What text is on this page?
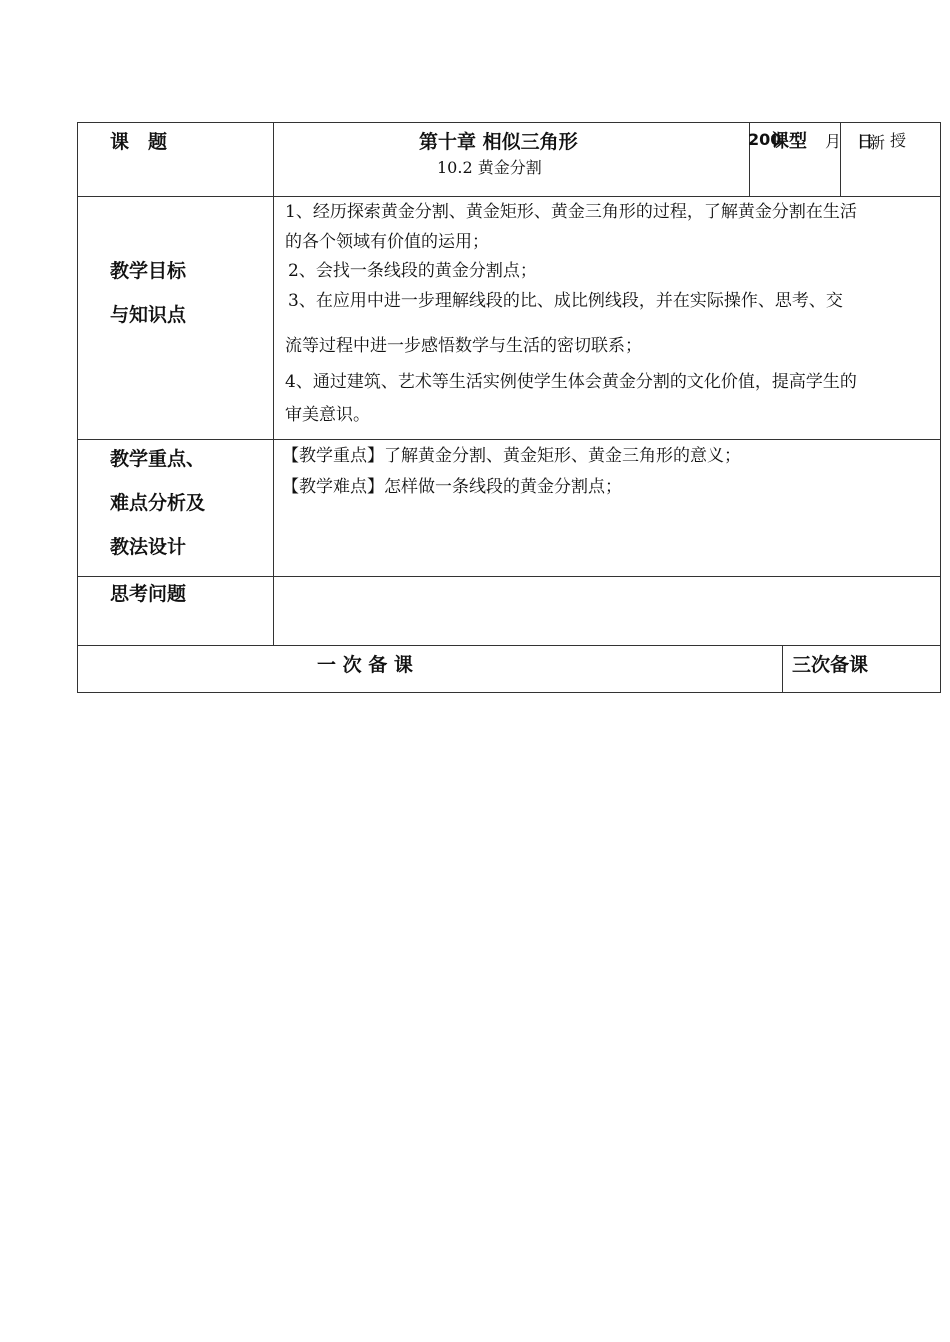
课　题	第十章 相似三角形
10.2 黄金分割
200
课型 月 日
新 授
教学目标
与知识点
1、经历探索黄金分割、黄金矩形、黄金三角形的过程，了解黄金分割在生活
的各个领域有价值的运用；
2、会找一条线段的黄金分割点；
3、在应用中进一步理解线段的比、成比例线段，并在实际操作、思考、交
流等过程中进一步感悟数学与生活的密切联系；
4、通过建筑、艺术等生活实例使学生体会黄金分割的文化价值，提高学生的
审美意识。
教学重点、
难点分析及
教法设计
【教学重点】了解黄金分割、黄金矩形、黄金三角形的意义；
【教学难点】怎样做一条线段的黄金分割点；
思考问题
一 次 备 课	三次备课
